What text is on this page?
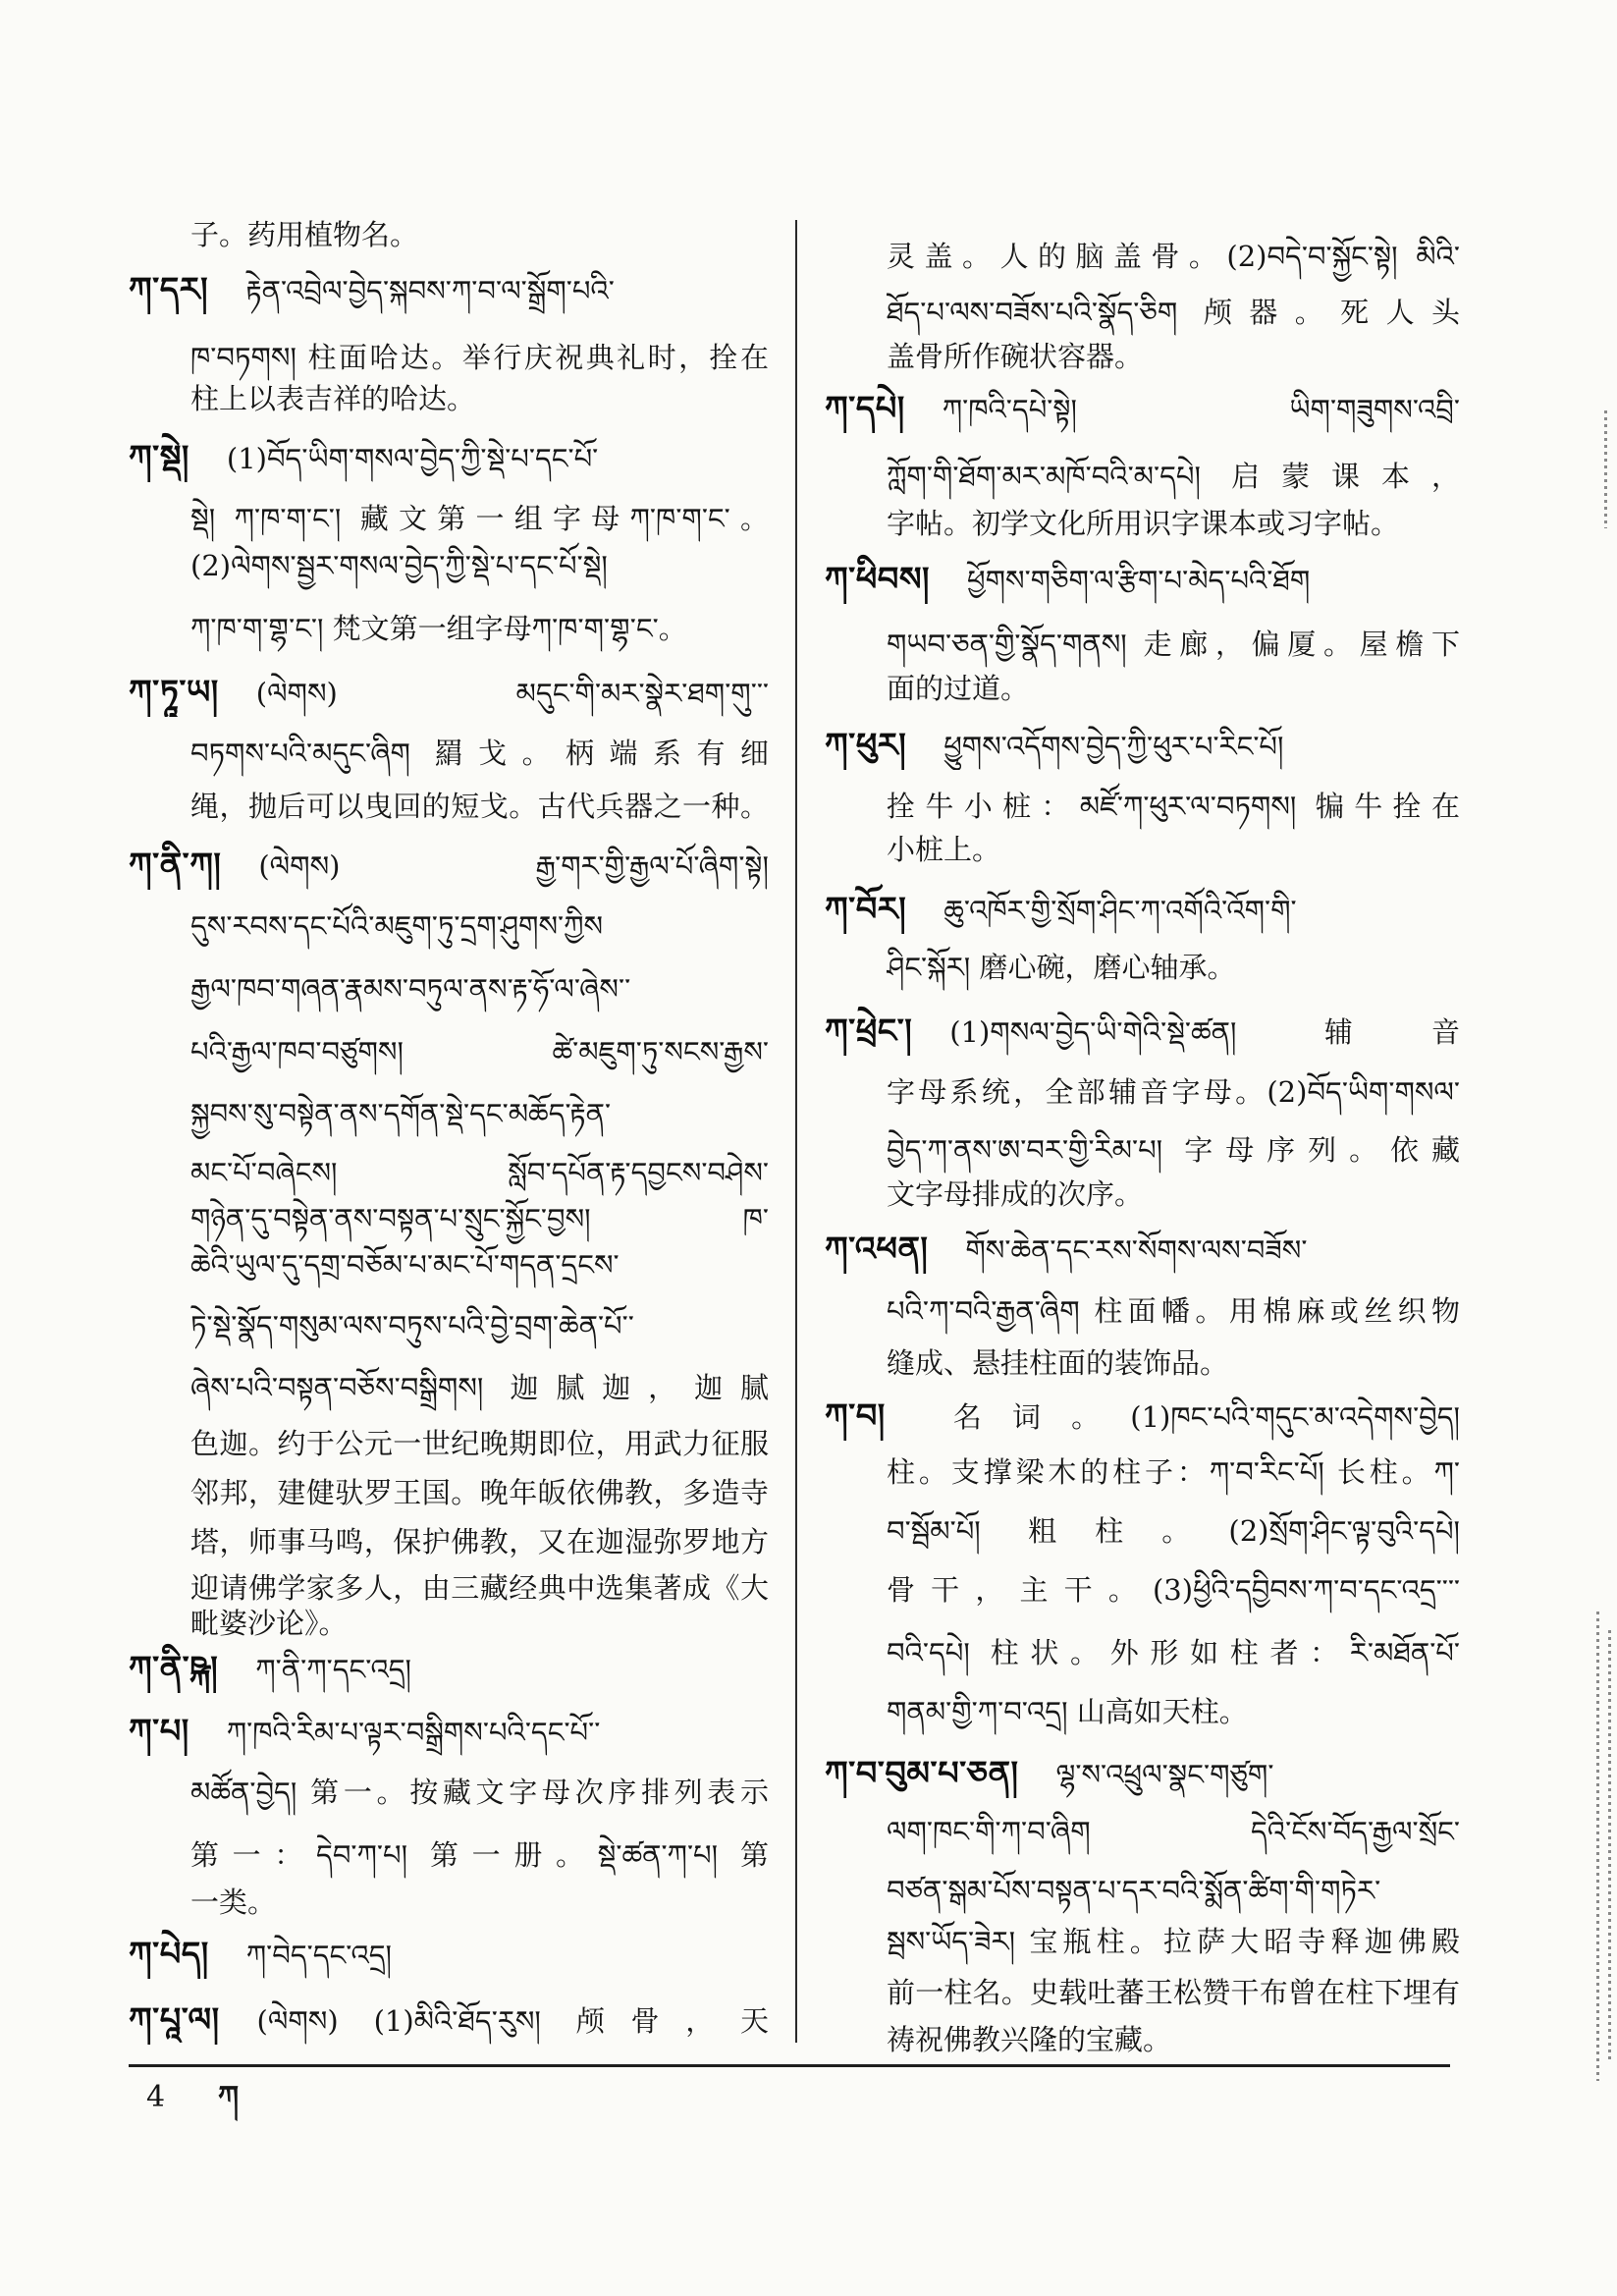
子。药用植物名。
ཀ་དར། རྟེན་འབྲེལ་བྱེད་སྐབས་ཀ་བ་ལ་སྒྲོག་པའི་
ཁ་བཏགས། 柱面哈达。举行庆祝典礼时，拴在
柱上以表吉祥的哈达。
ཀ་སྡེ། (1)བོད་ཡིག་གསལ་བྱེད་ཀྱི་སྡེ་པ་དང་པོ་
སྡེ། ཀ་ཁ་ག་ང་། 藏文第一组字母ཀ་ཁ་ག་ང་。
(2)ལེགས་སྦྱར་གསལ་བྱེད་ཀྱི་སྡེ་པ་དང་པོ་སྡེ།
ཀ་ཁ་ག་གྷ་ང་། 梵文第一组字母ཀ་ཁ་ག་གྷ་ང་。
ཀ་ཏཱ་ཡ། (ལེགས) མདུང་གི་མར་སྣེར་ཐག་གུ་་་
བཏགས་པའི་མདུང་ཞིག 羂戈。柄端系有细
绳，抛后可以曳回的短戈。古代兵器之一种。
ཀ་ནི་ཀ། (ལེགས) རྒྱ་གར་གྱི་རྒྱལ་པོ་ཞིག་སྟེ།
དུས་རབས་དང་པོའི་མཇུག་ཏུ་དྲག་ཤུགས་ཀྱིས
རྒྱལ་ཁབ་གཞན་རྣམས་བཏུལ་ནས་རྟ་ཧོ་ལ་ཞེས་་
པའི་རྒྱལ་ཁབ་བཙུགས། ཚེ་མཇུག་ཏུ་སངས་རྒྱས་
སྐྱབས་སུ་བསྟེན་ནས་དགོན་སྡེ་དང་མཆོད་རྟེན་
མང་པོ་བཞེངས། སློབ་དཔོན་རྟ་དབྱངས་བཤེས་
གཉེན་དུ་བསྟེན་ནས་བསྟན་པ་སྲུང་སྐྱོང་བྱས། ཁ་
ཆེའི་ཡུལ་དུ་དགྲ་བཅོམ་པ་མང་པོ་གདན་དྲངས་
ཏེ་སྡེ་སྣོད་གསུམ་ལས་བཏུས་པའི་བྱེ་བྲག་ཆེན་པོ་་
ཞེས་པའི་བསྟན་བཅོས་བསྒྲིགས། 迦腻迦，迦腻
色迦。约于公元一世纪晚期即位，用武力征服
邻邦，建健驮罗王国。晚年皈依佛教，多造寺
塔，师事马鸣，保护佛教，又在迦湿弥罗地方
迎请佛学家多人，由三藏经典中选集著成《大
毗婆沙论》。
ཀ་ནི་ཥྐ། ཀ་ནི་ཀ་དང་འདྲ།
ཀ་པ། ཀ་ཁའི་རིམ་པ་ལྟར་བསྒྲིགས་པའི་དང་པོ་་
མཚོན་བྱེད། 第一。按藏文字母次序排列表示
第一：དེབ་ཀ་པ། 第一册。སྡེ་ཚན་ཀ་པ། 第
一类。
ཀ་པེད། ཀ་བེད་དང་འདྲ།
ཀ་པཱ་ལ། (ལེགས) (1)མིའི་ཐོད་རུས། 颅骨，天
灵盖。人的脑盖骨。(2)བདེ་བ་སྐྱོང་སྟེ། མིའི་
ཐོད་པ་ལས་བཟོས་པའི་སྣོད་ཅིག 颅器。死人头
盖骨所作碗状容器。
ཀ་དཔེ། ཀ་ཁའི་དཔེ་སྟེ། ཡིག་གཟུགས་འབྲི་
ཀློག་གི་ཐོག་མར་མཁོ་བའི་མ་དཔེ། 启蒙课本，
字帖。初学文化所用识字课本或习字帖。
ཀ་ཕིབས། ཕྱོགས་གཅིག་ལ་རྩིག་པ་མེད་པའི་ཐོག
གཡབ་ཅན་གྱི་སྣོད་གནས། 走廊，偏厦。屋檐下
面的过道。
ཀ་ཕུར། ཕྱུགས་འདོགས་བྱེད་ཀྱི་ཕུར་པ་རིང་པོ།
拴牛小桩：མཛོ་ཀ་ཕུར་ལ་བཏགས། 犏牛拴在
小桩上。
ཀ་བོར། ཆུ་འཁོར་གྱི་སྲོག་ཤིང་ཀ་འགོའི་འོག་གི་
ཤིང་སྐོར། 磨心碗，磨心轴承。
ཀ་ཕྲེང་། (1)གསལ་བྱེད་ཡི་གེའི་སྡེ་ཚན། 辅音
字母系统，全部辅音字母。(2)བོད་ཡིག་གསལ་
བྱེད་ཀ་ནས་ཨ་བར་གྱི་རིམ་པ། 字母序列。依藏
文字母排成的次序。
ཀ་འཕན། གོས་ཆེན་དང་རས་སོགས་ལས་བཟོས་
པའི་ཀ་བའི་རྒྱན་ཞིག 柱面幡。用棉麻或丝织物
缝成、悬挂柱面的装饰品。
ཀ་བ། 名词。(1)ཁང་པའི་གདུང་མ་འདེགས་བྱེད།
柱。支撑梁木的柱子：ཀ་བ་རིང་པོ། 长柱。ཀ་
བ་སྦོམ་པོ། 粗柱。(2)སྲོག་ཤིང་ལྟ་བུའི་དཔེ།
骨干，主干。(3)ཕྱིའི་དབྱིབས་ཀ་བ་དང་འདྲ་་་་
བའི་དཔེ། 柱状。外形如柱者：རི་མཐོན་པོ་
གནམ་གྱི་ཀ་བ་འདྲ། 山高如天柱。
ཀ་བ་བུམ་པ་ཅན། ལྷ་ས་འཕྲུལ་སྣང་གཙུག་
ལག་ཁང་གི་ཀ་བ་ཞིག དེའི་ངོས་བོད་རྒྱལ་སྲོང་
བཙན་སྒམ་པོས་བསྟན་པ་དར་བའི་སྨོན་ཚིག་གི་གཏེར་
སྦས་ཡོད་ཟེར། 宝瓶柱。拉萨大昭寺释迦佛殿
前一柱名。史载吐蕃王松赞干布曾在柱下埋有
祷祝佛教兴隆的宝藏。
4 ཀ
